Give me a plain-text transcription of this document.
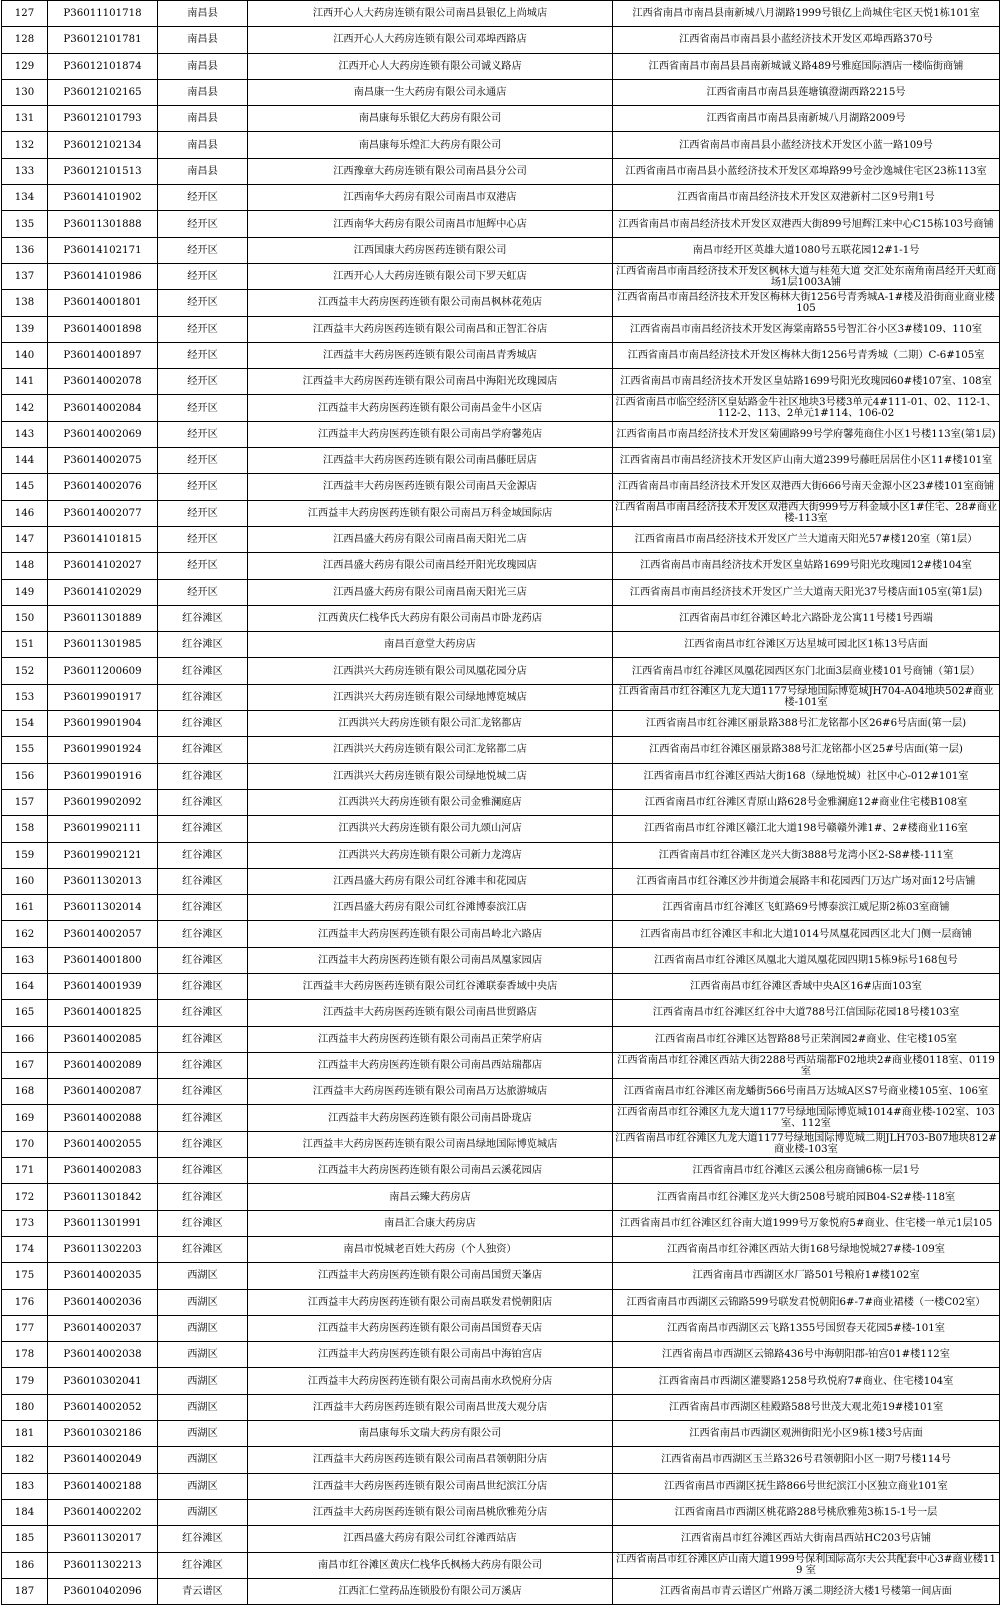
127	P36011101718	南昌县	江西开心人大药房连锁有限公司南昌县银亿上尚城店	江西省南昌市南昌县南新城八月湖路1999号银亿上尚城住宅区天悦1栋101室
128	P36012101781	南昌县	江西开心人大药房连锁有限公司邓埠西路店	江西省南昌市南昌县小蓝经济技术开发区邓埠西路370号
129	P36012101874	南昌县	江西开心人大药房连锁有限公司诚义路店	江西省南昌市南昌县昌南新城诚义路489号雅庭国际酒店一楼临街商铺
130	P36012102165	南昌县	南昌康一生大药房有限公司永通店	江西省南昌市南昌县莲塘镇澄湖西路2215号
131	P36012101793	南昌县	南昌康每乐银亿大药房有限公司	江西省南昌市南昌县南新城八月湖路2009号
132	P36012102134	南昌县	南昌康每乐煌汇大药房有限公司	江西省南昌市南昌县小蓝经济技术开发区小蓝一路109号
133	P36012101513	南昌县	江西豫章大药房连锁有限公司南昌县分公司	江西省南昌市南昌县小蓝经济技术开发区邓埠路99号金沙逸城住宅区23栋113室
134	P36014101902	经开区	江西南华大药房有限公司南昌市双港店	江西省南昌市南昌经济技术开发区双港新村二区9号荆1号
135	P36011301888	经开区	江西南华大药房有限公司南昌市旭辉中心店	江西省南昌市南昌经济技术开发区双港西大街899号旭辉江来中心C15栋103号商铺
136	P36014102171	经开区	江西国康大药房医药连锁有限公司	南昌市经开区英雄大道1080号五联花园12#1-1号
137	P36014101986	经开区	江西开心人大药房连锁有限公司下罗天虹店	江西省南昌市南昌经济技术开发区枫林大道与桂苑大道 交汇处东南角南昌经开天虹商场1层1003A铺
138	P36014001801	经开区	江西益丰大药房医药连锁有限公司南昌枫林花苑店	江西省南昌市南昌经济技术开发区梅林大街1256号青秀城A-1#楼及沿街商业商业楼105
139	P36014001898	经开区	江西益丰大药房医药连锁有限公司南昌和正智汇谷店	江西省南昌市南昌经济技术开发区海棠南路55号智汇谷小区3#楼109、110室
140	P36014001897	经开区	江西益丰大药房医药连锁有限公司南昌青秀城店	江西省南昌市南昌经济技术开发区梅林大街1256号青秀城（二期）C-6#105室
141	P36014002078	经开区	江西益丰大药房医药连锁有限公司南昌中海阳光玫瑰园店	江西省南昌市南昌经济技术开发区皇姑路1699号阳光玫瑰园60#楼107室、108室
142	P36014002084	经开区	江西益丰大药房医药连锁有限公司南昌金牛小区店	江西省南昌市临空经济区皇姑路金牛社区地块3号楼3单元4#111-01、02、112-1、112-2、113、2单元1#114、106-02
143	P36014002069	经开区	江西益丰大药房医药连锁有限公司南昌学府馨苑店	江西省南昌市南昌经济技术开发区菊圃路99号学府馨苑商住小区1号楼113室(第1层)
144	P36014002075	经开区	江西益丰大药房医药连锁有限公司南昌藤旺居店	江西省南昌市南昌经济技术开发区庐山南大道2399号藤旺居居住小区11#楼101室
145	P36014002076	经开区	江西益丰大药房医药连锁有限公司南昌天金源店	江西省南昌市南昌经济技术开发区双港西大街666号南天金源小区23#楼101室商铺
146	P36014002077	经开区	江西益丰大药房医药连锁有限公司南昌万科金域国际店	江西省南昌市南昌经济技术开发区双港西大街999号万科金域小区1#住宅、28#商业楼-113室
147	P36014101815	经开区	江西昌盛大药房有限公司南昌南天阳光二店	江西省南昌市南昌经济技术开发区广兰大道南天阳光57#楼120室（第1层）
148	P36014102027	经开区	江西昌盛大药房有限公司南昌经开阳光玫瑰园店	江西省南昌市南昌经济技术开发区皇姑路1699号阳光玫瑰园12#楼104室
149	P36014102029	经开区	江西昌盛大药房有限公司南昌南天阳光三店	江西省南昌市南昌经济技术开发区广兰大道南天阳光37号楼店面105室(第1层)
150	P36011301889	红谷滩区	江西黄庆仁栈华氏大药房有限公司南昌市卧龙药店	江西省南昌市红谷滩区岭北六路卧龙公寓11号楼1号西端
151	P36011301985	红谷滩区	南昌百意堂大药房店	江西省南昌市红谷滩区万达星城可园北区1栋13号店面
152	P36011200609	红谷滩区	江西洪兴大药房连锁有限公司凤凰花园分店	江西省南昌市红谷滩区凤凰花园西区东门北面3层商业楼101号商铺（第1层）
153	P36019901917	红谷滩区	江西洪兴大药房连锁有限公司绿地博览城店	江西省南昌市红谷滩区九龙大道1177号绿地国际博览城JH704-A04地块502#商业楼-101室
154	P36019901904	红谷滩区	江西洪兴大药房连锁有限公司汇龙铭都店	江西省南昌市红谷滩区丽景路388号汇龙铭都小区26#6号店面(第一层)
155	P36019901924	红谷滩区	江西洪兴大药房连锁有限公司汇龙铭都二店	江西省南昌市红谷滩区丽景路388号汇龙铭都小区25#号店面(第一层)
156	P36019901916	红谷滩区	江西洪兴大药房连锁有限公司绿地悦城二店	江西省南昌市红谷滩区西站大街168（绿地悦城）社区中心-012#101室
157	P36019902092	红谷滩区	江西洪兴大药房连锁有限公司金雅澜庭店	江西省南昌市红谷滩区青原山路628号金雅澜庭12#商业住宅楼B108室
158	P36019902111	红谷滩区	江西洪兴大药房连锁有限公司九颂山河店	江西省南昌市红谷滩区赣江北大道198号赣赣外滩1#、2#楼商业116室
159	P36019902121	红谷滩区	江西洪兴大药房连锁有限公司新力龙湾店	江西省南昌市红谷滩区龙兴大街3888号龙湾小区2-S8#楼-111室
160	P36011302013	红谷滩区	江西昌盛大药房有限公司红谷滩丰和花园店	江西省南昌市红谷滩区沙井街道会展路丰和花园西门万达广场对面12号店铺
161	P36011302014	红谷滩区	江西昌盛大药房有限公司红谷滩博泰滨江店	江西省南昌市红谷滩区飞虹路69号博泰滨江威尼斯2栋03室商铺
162	P36014002057	红谷滩区	江西益丰大药房医药连锁有限公司南昌岭北六路店	江西省南昌市红谷滩区丰和北大道1014号凤凰花园西区北大门侧一层商铺
163	P36014001800	红谷滩区	江西益丰大药房医药连锁有限公司南昌凤凰家园店	江西省南昌市红谷滩区凤凰北大道凤凰花园四期15栋9标号168包号
164	P36014001939	红谷滩区	江西益丰大药房医药连锁有限公司红谷滩联泰香域中央店	江西省南昌市红谷滩区香域中央A区16#店面103室
165	P36014001825	红谷滩区	江西益丰大药房医药连锁有限公司南昌世贸路店	江西省南昌市红谷滩区红谷中大道788号江信国际花园18号楼103室
166	P36014002085	红谷滩区	江西益丰大药房医药连锁有限公司南昌正荣学府店	江西省南昌市红谷滩区达智路88号正荣润园2#商业、住宅楼105室
167	P36014002089	红谷滩区	江西益丰大药房医药连锁有限公司南昌西站瑞都店	江西省南昌市红谷滩区西站大街2288号西站瑞都F02地块2#商业楼0118室、0119室
168	P36014002087	红谷滩区	江西益丰大药房医药连锁有限公司南昌万达旅游城店	江西省南昌市红谷滩区南龙蟠街566号南昌万达城A区S7号商业楼105室、106室
169	P36014002088	红谷滩区	江西益丰大药房医药连锁有限公司南昌卧珑店	江西省南昌市红谷滩区九龙大道1177号绿地国际博览城1014#商业楼-102室、103室、112室
170	P36014002055	红谷滩区	江西益丰大药房医药连锁有限公司南昌绿地国际博览城店	江西省南昌市红谷滩区九龙大道1177号绿地国际博览城二期JLH703-B07地块812#商业楼-103室
171	P36014002083	红谷滩区	江西益丰大药房医药连锁有限公司南昌云溪花园店	江西省南昌市红谷滩区云溪公租房商铺6栋一层1号
172	P36011301842	红谷滩区	南昌云臻大药房店	江西省南昌市红谷滩区龙兴大街2508号琥珀园B04-S2#楼-118室
173	P36011301991	红谷滩区	南昌汇合康大药房店	江西省南昌市红谷滩区红谷南大道1999号万象悦府5#商业、住宅楼一单元1层105
174	P36011302203	红谷滩区	南昌市悦城老百姓大药房（个人独资）	江西省南昌市红谷滩区西站大街168号绿地悦城27#楼-109室
175	P36014002035	西湖区	江西益丰大药房医药连锁有限公司南昌国贸天峯店	江西省南昌市西湖区水厂路501号粮府1#楼102室
176	P36014002036	西湖区	江西益丰大药房医药连锁有限公司南昌联发君悦朝阳店	江西省南昌市西湖区云锦路599号联发君悦朝阳6#-7#商业裙楼（一楼C02室）
177	P36014002037	西湖区	江西益丰大药房医药连锁有限公司南昌国贸春天店	江西省南昌市西湖区云飞路1355号国贸春天花园5#楼-101室
178	P36014002038	西湖区	江西益丰大药房医药连锁有限公司南昌中海铂宫店	江西省南昌市西湖区云锦路436号中海朝阳郡-铂宫01#楼112室
179	P36010302041	西湖区	江西益丰大药房医药连锁有限公司南昌南水玖悦府分店	江西省南昌市西湖区灌婴路1258号玖悦府7#商业、住宅楼104室
180	P36014002052	西湖区	江西益丰大药房医药连锁有限公司南昌世茂大观分店	江西省南昌市西湖区桂殿路588号世茂大观北苑19#楼101室
181	P36010302186	西湖区	南昌康每乐文瑞大药房有限公司	江西省南昌市西湖区观洲街阳光小区9栋1楼3号店面
182	P36014002049	西湖区	江西益丰大药房医药连锁有限公司南昌君领朝阳分店	江西省南昌市西湖区玉兰路326号君领朝阳小区一期7号楼114号
183	P36014002188	西湖区	江西益丰大药房医药连锁有限公司南昌世纪滨江分店	江西省南昌市西湖区抚生路866号世纪滨江小区独立商业101室
184	P36014002202	西湖区	江西益丰大药房医药连锁有限公司南昌桃欣雅苑分店	江西省南昌市西湖区桃花路288号桃欣雅苑3栋15-1号一层
185	P36011302017	红谷滩区	江西昌盛大药房有限公司红谷滩西站店	江西省南昌市红谷滩区西站大街南昌西站HC203号店铺
186	P36011302213	红谷滩区	南昌市红谷滩区黄庆仁栈华氏枫杨大药房有限公司	江西省南昌市红谷滩区庐山南大道1999号保利国际高尔夫公共配套中心3#商业楼119 室
187	P36010402096	青云谱区	江西汇仁堂药品连锁股份有限公司万溪店	江西省南昌市青云谱区广州路万溪二期经济大楼1号楼第一间店面
